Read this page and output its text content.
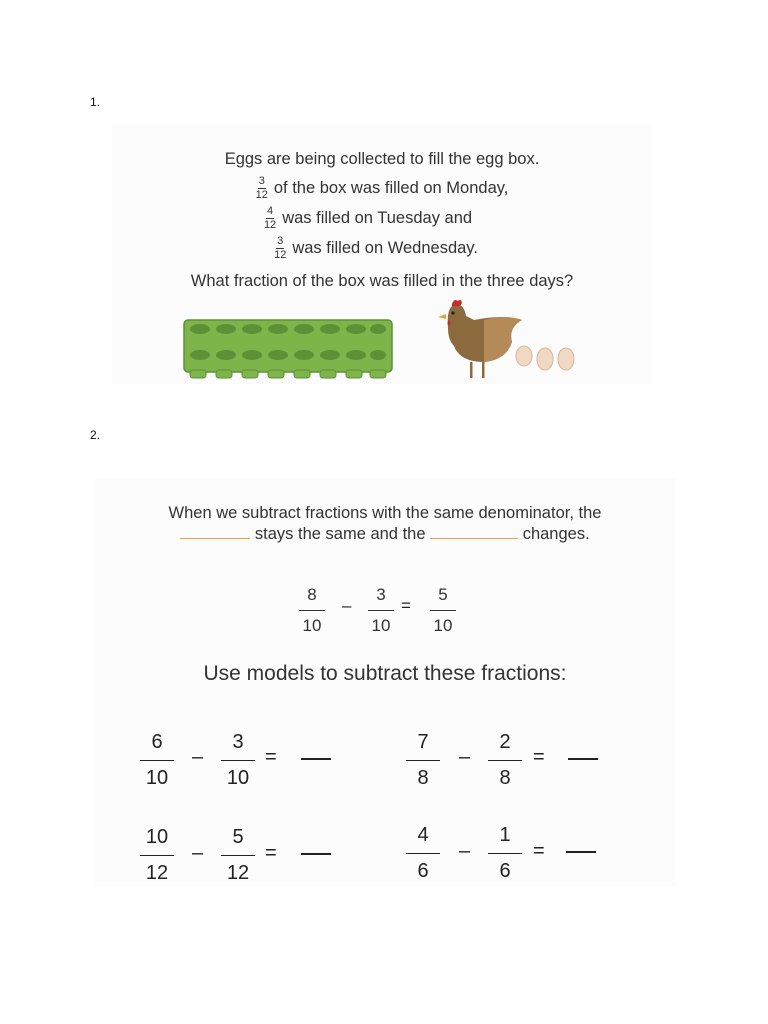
1.
Eggs are being collected to fill the egg box.
$\frac{3}{12}$ of the box was filled on Monday,
$\frac{4}{12}$ was filled on Tuesday and
$\frac{3}{12}$ was filled on Wednesday.
What fraction of the box was filled in the three days?
2.
When we subtract fractions with the same denominator, the
stays the same and the	changes.
$\frac{8}{10} - \frac{3}{10} = \frac{5}{10}$
Use models to subtract these fractions:
$\frac{6}{10} - \frac{3}{10}$ =	$\frac{7}{8} - \frac{2}{8}$ =
$\frac{10}{12} - \frac{5}{12}$ =	$\frac{4}{6} - \frac{1}{6}$ =
